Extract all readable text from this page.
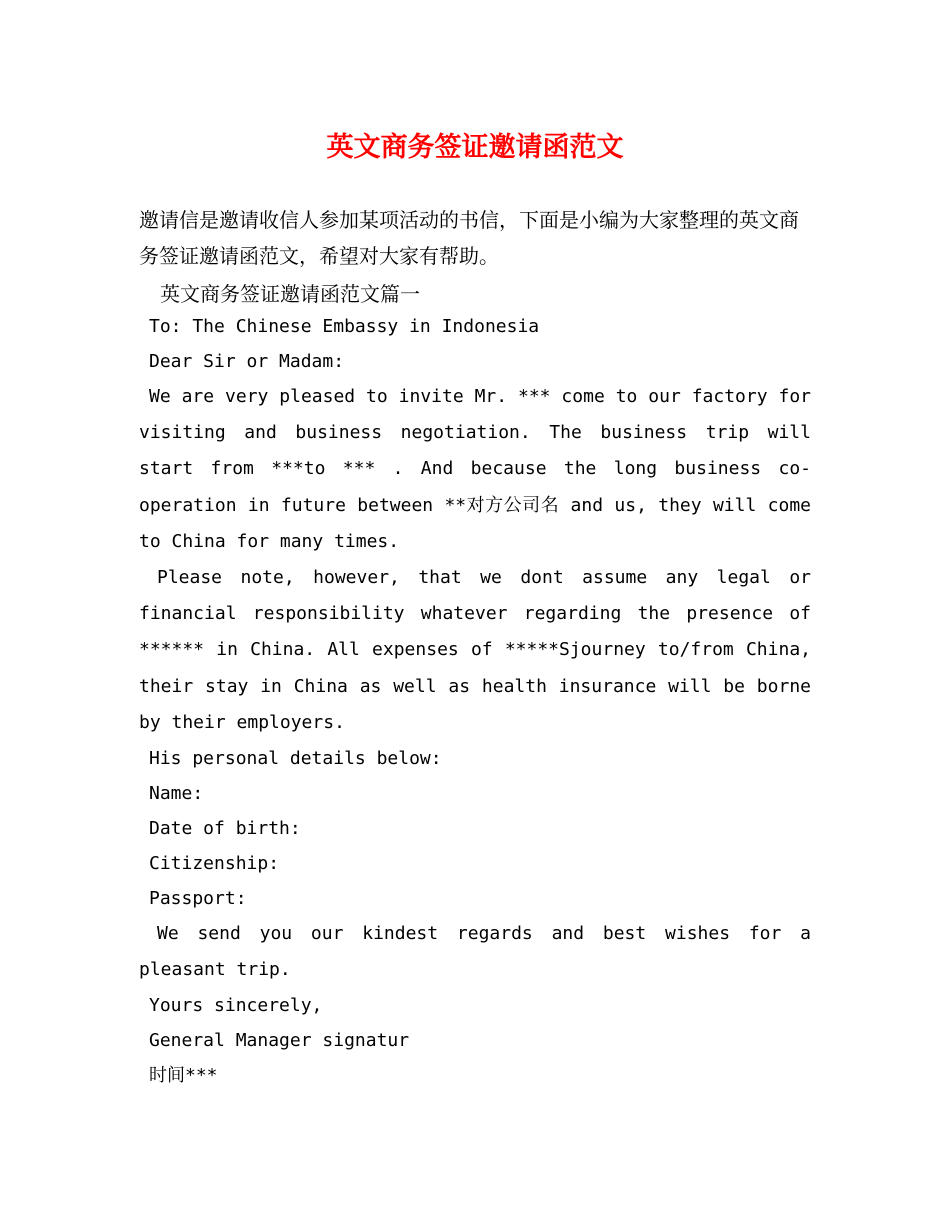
英文商务签证邀请函范文

邀请信是邀请收信人参加某项活动的书信，下面是小编为大家整理的英文商务签证邀请函范文，希望对大家有帮助。

英文商务签证邀请函范文篇一

To: The Chinese Embassy in Indonesia

Dear Sir or Madam:

We are very pleased to invite Mr. *** come to our factory for visiting and business negotiation. The business trip will start from ***to *** . And because the long business co-operation in future between **对方公司名 and us, they will come to China for many times.

Please note, however, that we dont assume any legal or financial responsibility whatever regarding the presence of ****** in China. All expenses of *****Sjourney to/from China, their stay in China as well as health insurance will be borne by their employers.

His personal details below:

Name:

Date of birth:

Citizenship:

Passport:

We send you our kindest regards and best wishes for a pleasant trip.

Yours sincerely,

General Manager signatur

时间***
